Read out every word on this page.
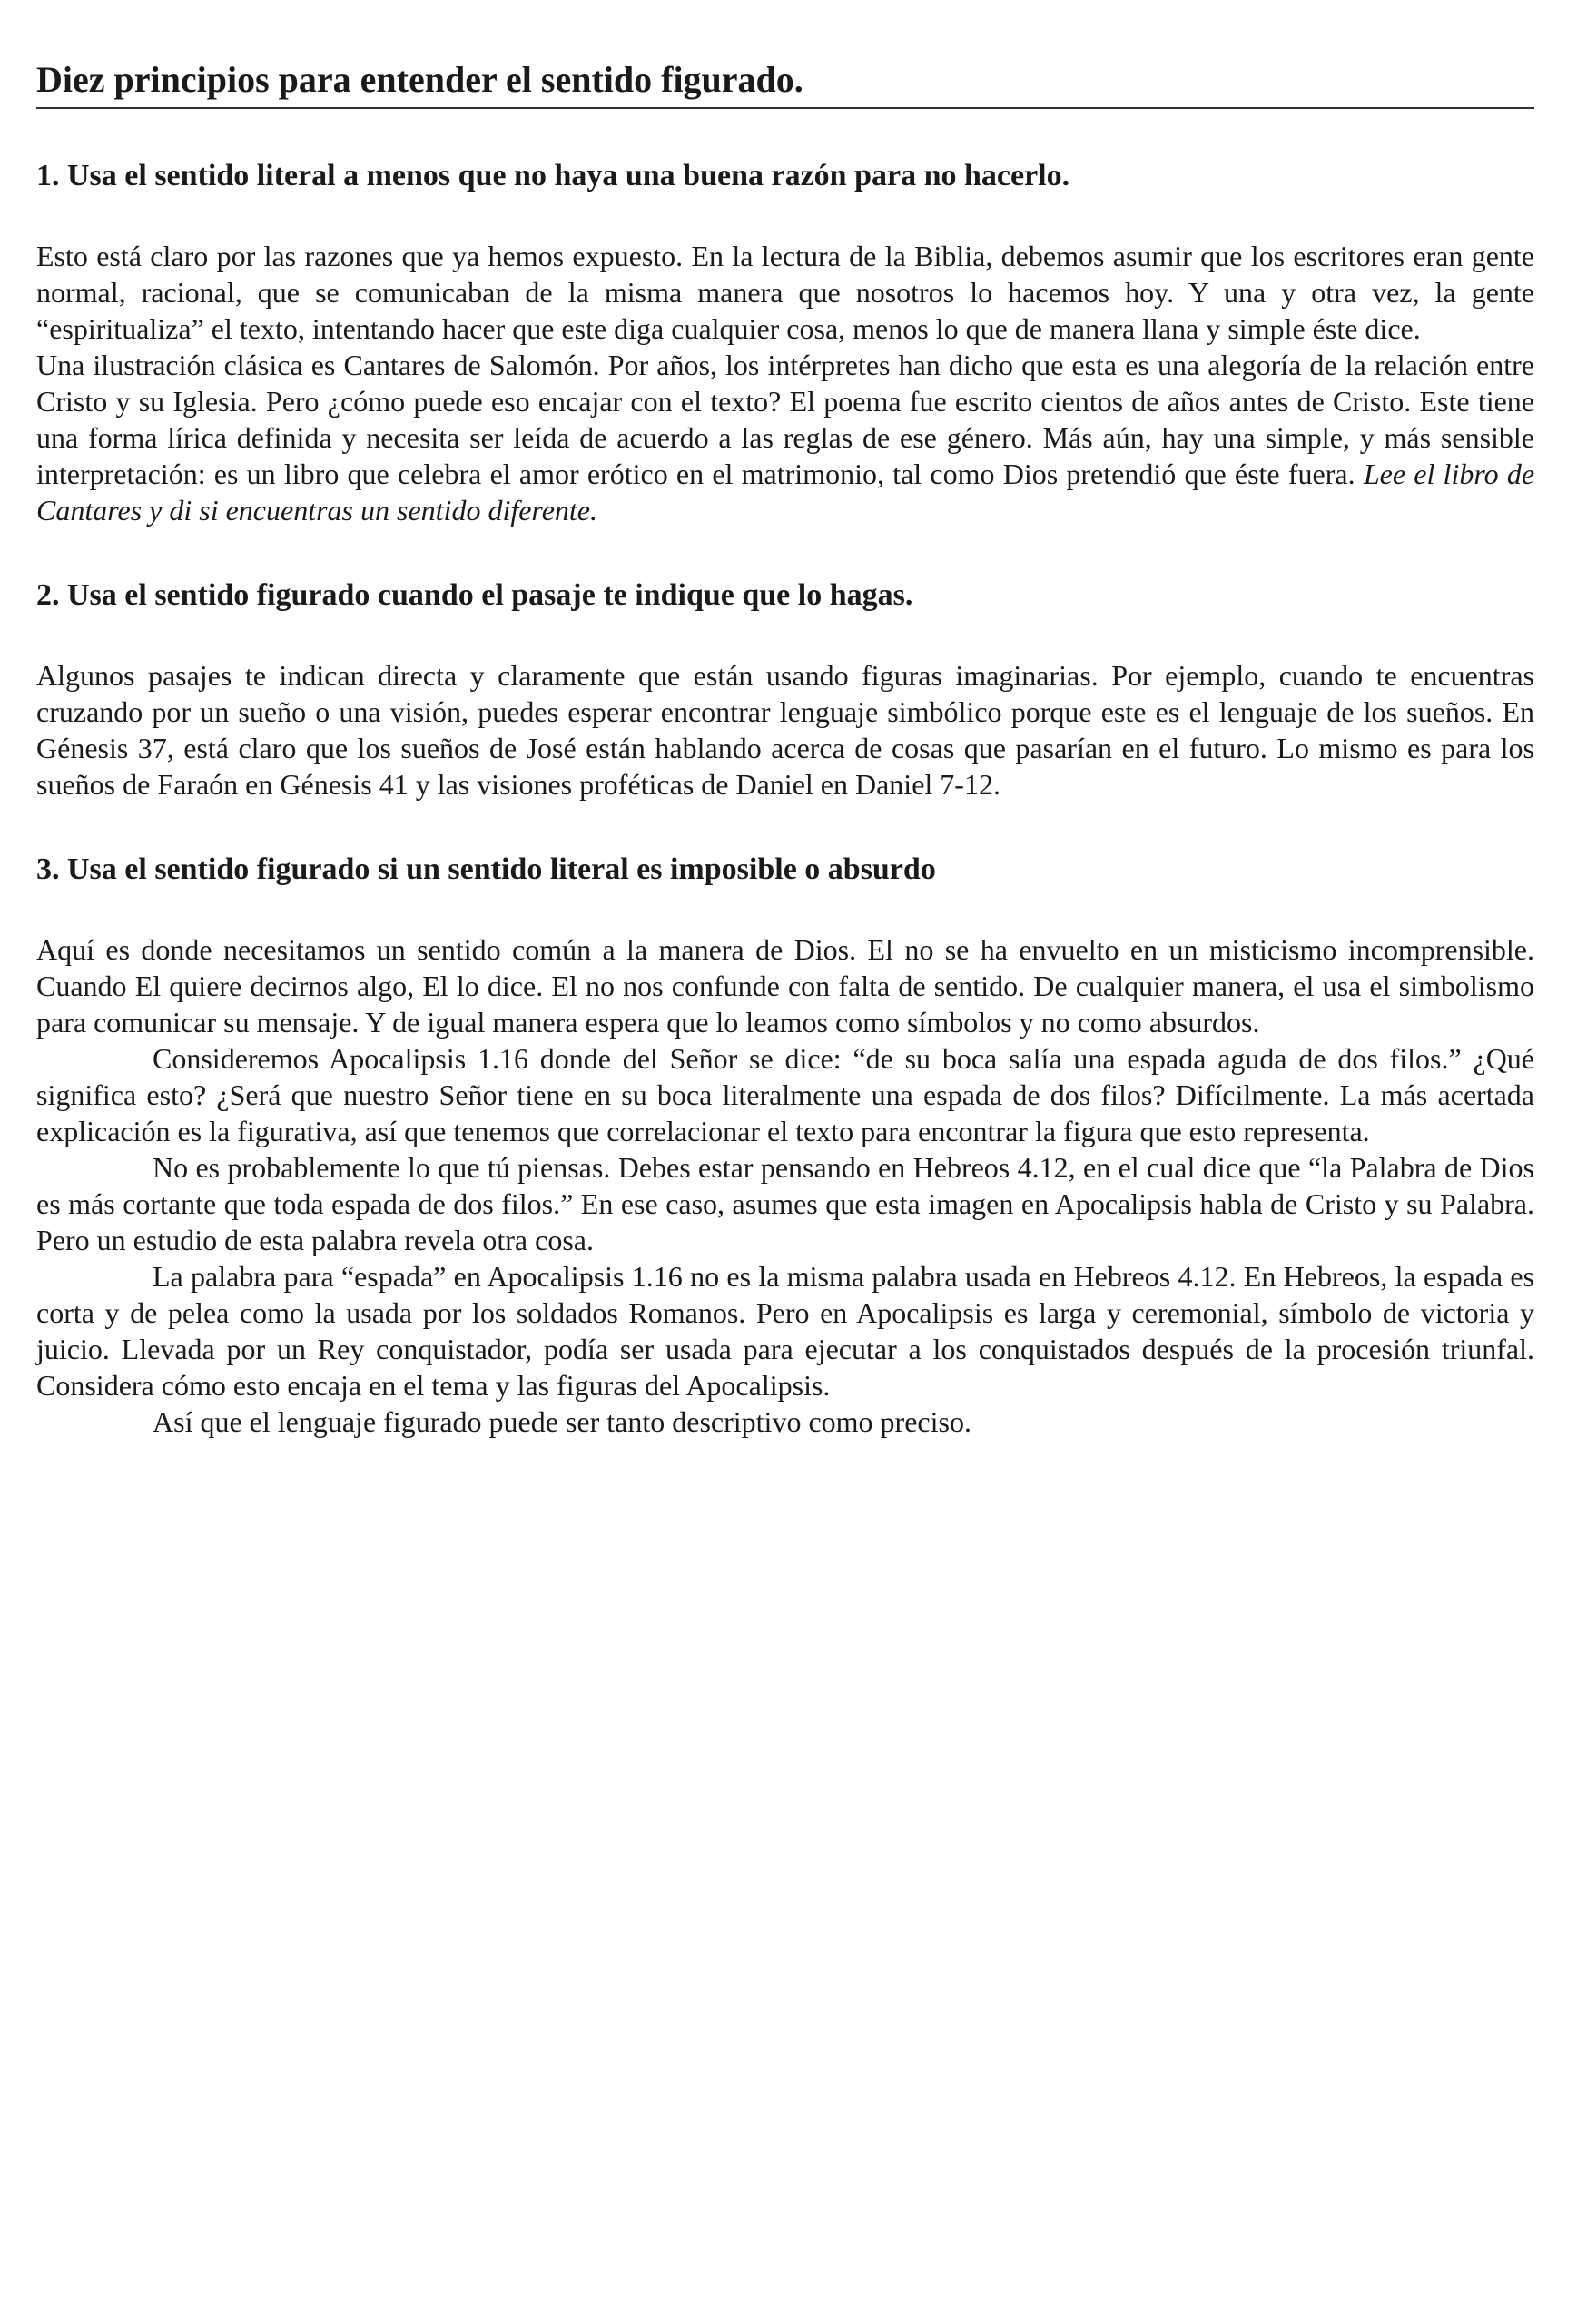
Diez principios para entender el sentido figurado.
1. Usa el sentido literal a menos que no haya una buena razón para no hacerlo.

Esto está claro por las razones que ya hemos expuesto. En la lectura de la Biblia, debemos asumir que los escritores eran gente normal, racional, que se comunicaban de la misma manera que nosotros lo hacemos hoy. Y una y otra vez, la gente “espiritualiza” el texto, intentando hacer que este diga cualquier cosa, menos lo que de manera llana y simple éste dice.

Una ilustración clásica es Cantares de Salomón. Por años, los intérpretes han dicho que esta es una alegoría de la relación entre Cristo y su Iglesia. Pero ¿cómo puede eso encajar con el texto? El poema fue escrito cientos de años antes de Cristo. Este tiene una forma lírica definida y necesita ser leída de acuerdo a las reglas de ese género. Más aún, hay una simple, y más sensible interpretación: es un libro que celebra el amor erótico en el matrimonio, tal como Dios pretendió que éste fuera. Lee el libro de Cantares y di si encuentras un sentido diferente.

2. Usa el sentido figurado cuando el pasaje te indique que lo hagas.

Algunos pasajes te indican directa y claramente que están usando figuras imaginarias. Por ejemplo, cuando te encuentras cruzando por un sueño o una visión, puedes esperar encontrar lenguaje simbólico porque este es el lenguaje de los sueños. En Génesis 37, está claro que los sueños de José están hablando acerca de cosas que pasarían en el futuro. Lo mismo es para los sueños de Faraón en Génesis 41 y las visiones proféticas de Daniel en Daniel 7-12.

3. Usa el sentido figurado si un sentido literal es imposible o absurdo

Aquí es donde necesitamos un sentido común a la manera de Dios. El no se ha envuelto en un misticismo incomprensible. Cuando El quiere decirnos algo, El lo dice. El no nos confunde con falta de sentido. De cualquier manera, el usa el simbolismo para comunicar su mensaje. Y de igual manera espera que lo leamos como símbolos y no como absurdos.

Consideremos Apocalipsis 1.16 donde del Señor se dice: “de su boca salía una espada aguda de dos filos.” ¿Qué significa esto? ¿Será que nuestro Señor tiene en su boca literalmente una espada de dos filos? Difícilmente. La más acertada explicación es la figurativa, así que tenemos que correlacionar el texto para encontrar la figura que esto representa.

No es probablemente lo que tú piensas. Debes estar pensando en Hebreos 4.12, en el cual dice que “la Palabra de Dios es más cortante que toda espada de dos filos.” En ese caso, asumes que esta imagen en Apocalipsis habla de Cristo y su Palabra. Pero un estudio de esta palabra revela otra cosa.

La palabra para “espada” en Apocalipsis 1.16 no es la misma palabra usada en Hebreos 4.12. En Hebreos, la espada es corta y de pelea como la usada por los soldados Romanos. Pero en Apocalipsis es larga y ceremonial, símbolo de victoria y juicio. Llevada por un Rey conquistador, podía ser usada para ejecutar a los conquistados después de la procesión triunfal. Considera cómo esto encaja en el tema y las figuras del Apocalipsis.

Así que el lenguaje figurado puede ser tanto descriptivo como preciso.
